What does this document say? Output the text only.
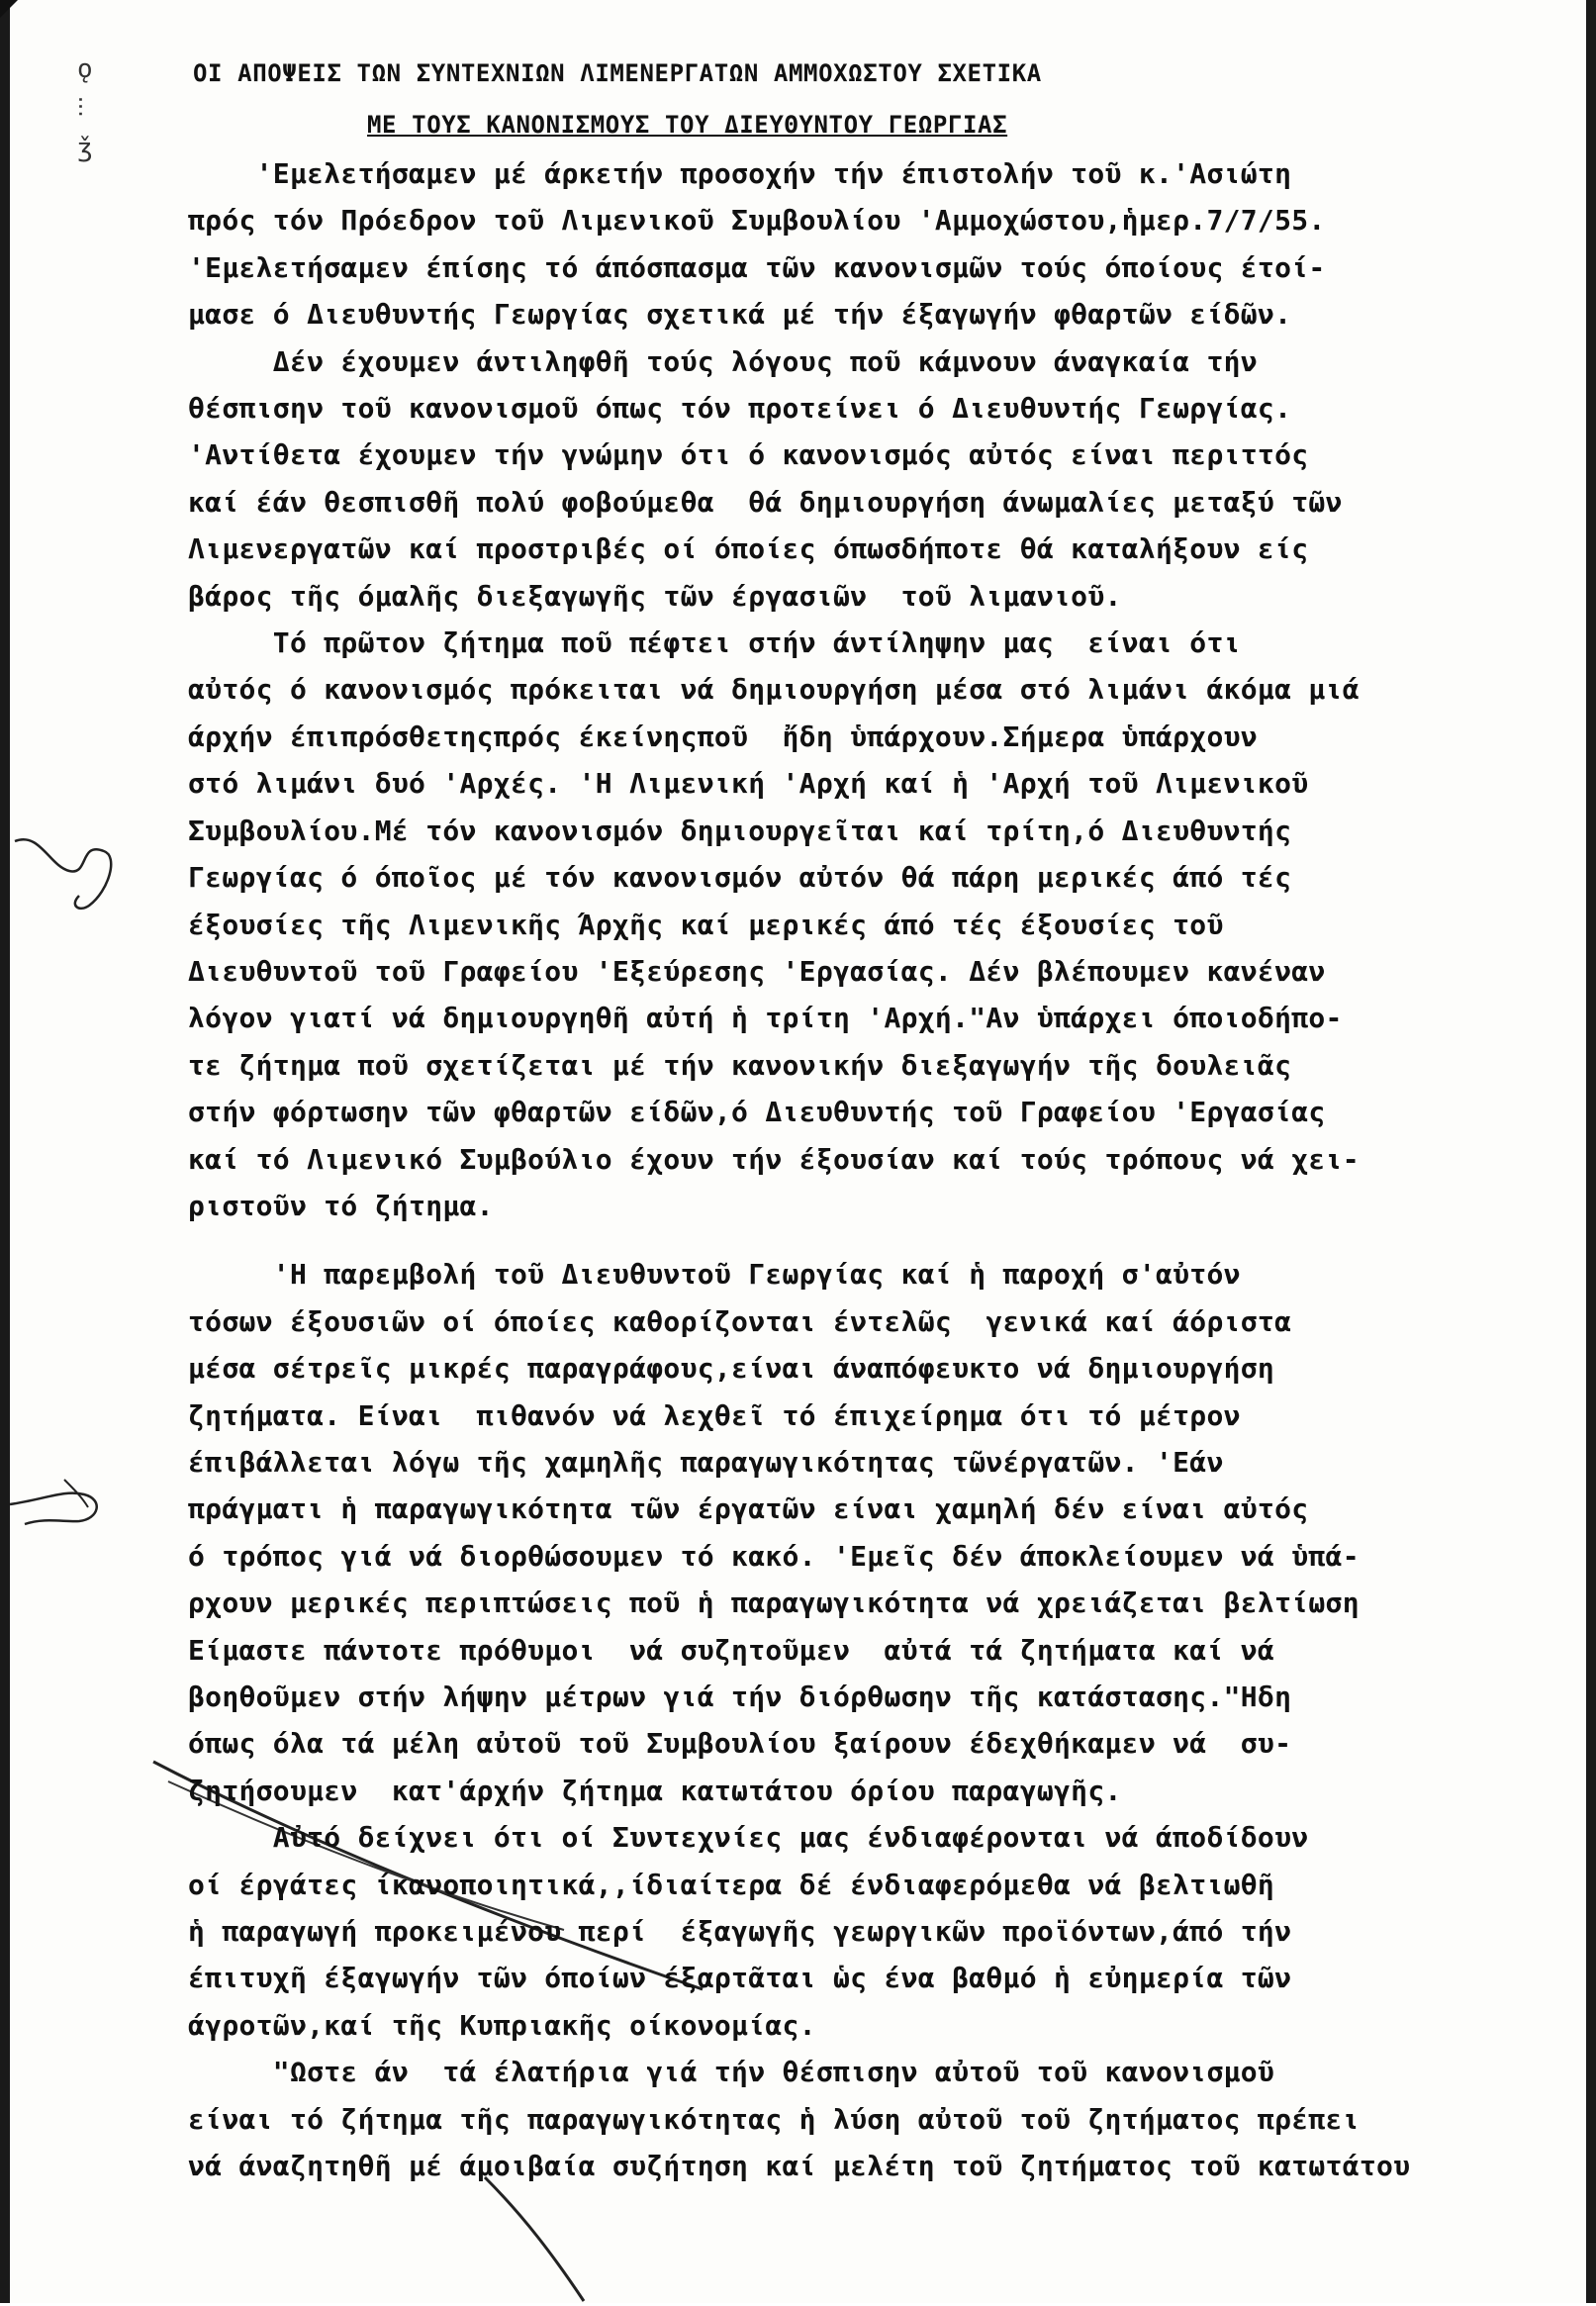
ǫ
⫶
ǯ
ΟΙ ΑΠΟΨΕΙΣ ΤΩΝ ΣΥΝΤΕΧΝΙΩΝ ΛΙΜΕΝΕΡΓΑΤΩΝ ΑΜΜΟΧΩΣΤΟΥ ΣΧΕΤΙΚΑ
ΜΕ ΤΟΥΣ ΚΑΝΟΝΙΣΜΟΥΣ ΤΟΥ ΔΙΕΥΘΥΝΤΟΥ ΓΕΩΡΓΙΑΣ

'Εμελετήσαμεν μέ άρκετήν προσοχήν τήν έπιστολήν τοῦ κ.'Ασιώτη

πρός τόν Πρόεδρον τοῦ Λιμενικοῦ Συμβουλίου 'Αμμοχώστου,ἡμερ.7/7/55.

'Εμελετήσαμεν έπίσης τό άπόσπασμα τῶν κανονισμῶν τούς όποίους έτοί-

μασε ό Διευθυντής Γεωργίας σχετικά μέ τήν έξαγωγήν φθαρτῶν είδῶν.

Δέν έχουμεν άντιληφθῆ τούς λόγους ποῦ κάμνουν άναγκαία τήν

θέσπισην τοῦ κανονισμοῦ όπως τόν προτείνει ό Διευθυντής Γεωργίας.

'Αντίθετα έχουμεν τήν γνώμην ότι ό κανονισμός αὐτός είναι περιττός

καί έάν θεσπισθῆ πολύ φοβούμεθα  θά δημιουργήση άνωμαλίες μεταξύ τῶν

Λιμενεργατῶν καί προστριβές οί όποίες όπωσδήποτε θά καταλήξουν είς

βάρος τῆς όμαλῆς διεξαγωγῆς τῶν έργασιῶν  τοῦ λιμανιοῦ.

Τό πρῶτον ζήτημα ποῦ πέφτει στήν άντίληψην μας  είναι ότι

αὐτός ό κανονισμός πρόκειται νά δημιουργήση μέσα στό λιμάνι άκόμα μιά

άρχήν έπιπρόσθετηςπρός έκείνηςποῦ  ἤδη ὑπάρχουν.Σήμερα ὑπάρχουν

στό λιμάνι δυό 'Αρχές. 'Η Λιμενική 'Αρχή καί ἡ 'Αρχή τοῦ Λιμενικοῦ

Συμβουλίου.Μέ τόν κανονισμόν δημιουργεῖται καί τρίτη,ό Διευθυντής

Γεωργίας ό όποῖος μέ τόν κανονισμόν αὐτόν θά πάρη μερικές άπό τές

έξουσίες τῆς Λιμενικῆς Άρχῆς καί μερικές άπό τές έξουσίες τοῦ

Διευθυντοῦ τοῦ Γραφείου 'Εξεύρεσης 'Εργασίας. Δέν βλέπουμεν κανέναν

λόγον γιατί νά δημιουργηθῆ αὐτή ἡ τρίτη 'Αρχή."Αν ὑπάρχει όποιοδήπο-

τε ζήτημα ποῦ σχετίζεται μέ τήν κανονικήν διεξαγωγήν τῆς δουλειᾶς

στήν φόρτωσην τῶν φθαρτῶν είδῶν,ό Διευθυντής τοῦ Γραφείου 'Εργασίας

καί τό Λιμενικό Συμβούλιο έχουν τήν έξουσίαν καί τούς τρόπους νά χει-

ριστοῦν τό ζήτημα.

'Η παρεμβολή τοῦ Διευθυντοῦ Γεωργίας καί ἡ παροχή σ'αὐτόν

τόσων έξουσιῶν οί όποίες καθορίζονται έντελῶς  γενικά καί άόριστα

μέσα σέτρεῖς μικρές παραγράφους,είναι άναπόφευκτο νά δημιουργήση

ζητήματα. Είναι  πιθανόν νά λεχθεῖ τό έπιχείρημα ότι τό μέτρον

έπιβάλλεται λόγω τῆς χαμηλῆς παραγωγικότητας τῶνέργατῶν. 'Εάν

πράγματι ἡ παραγωγικότητα τῶν έργατῶν είναι χαμηλή δέν είναι αὐτός

ό τρόπος γιά νά διορθώσουμεν τό κακό. 'Εμεῖς δέν άποκλείουμεν νά ὑπά-

ρχουν μερικές περιπτώσεις ποῦ ἡ παραγωγικότητα νά χρειάζεται βελτίωση

Είμαστε πάντοτε πρόθυμοι  νά συζητοῦμεν  αὐτά τά ζητήματα καί νά

βοηθοῦμεν στήν λήψην μέτρων γιά τήν διόρθωσην τῆς κατάστασης."Ηδη

όπως όλα τά μέλη αὐτοῦ τοῦ Συμβουλίου ξαίρουν έδεχθήκαμεν νά  συ-

ζητήσουμεν  κατ'άρχήν ζήτημα κατωτάτου όρίου παραγωγῆς.

Αὐτό δείχνει ότι οί Συντεχνίες μας ένδιαφέρονται νά άποδίδουν

οί έργάτες ίκανοποιητικά,,ίδιαίτερα δέ ένδιαφερόμεθα νά βελτιωθῆ

ἡ παραγωγή προκειμένου περί  έξαγωγῆς γεωργικῶν προϊόντων,άπό τήν

έπιτυχῆ έξαγωγήν τῶν όποίων έξαρτᾶται ὡς ένα βαθμό ἡ εὐημερία τῶν

άγροτῶν,καί τῆς Κυπριακῆς οίκονομίας.

"Ωστε άν  τά έλατήρια γιά τήν θέσπισην αὐτοῦ τοῦ κανονισμοῦ

είναι τό ζήτημα τῆς παραγωγικότητας ἡ λύση αὐτοῦ τοῦ ζητήματος πρέπει

νά άναζητηθῆ μέ άμοιβαία συζήτηση καί μελέτη τοῦ ζητήματος τοῦ κατωτάτου
